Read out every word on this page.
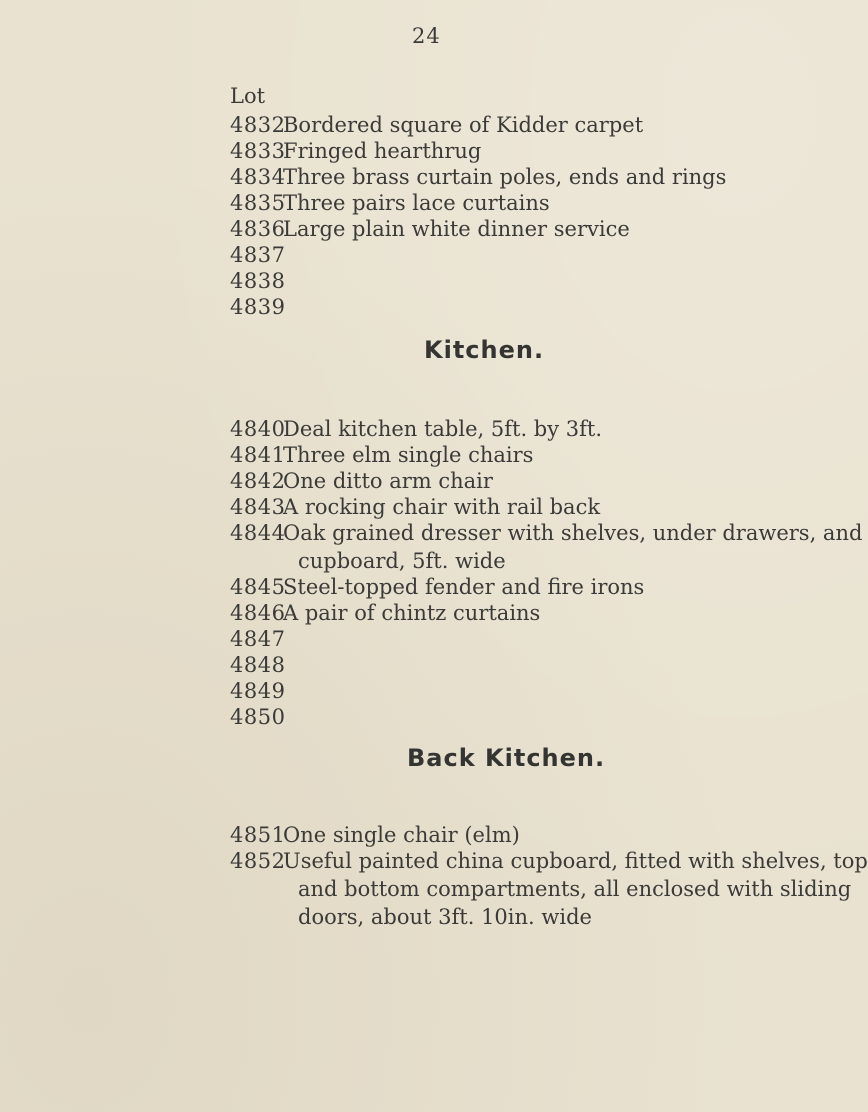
24
Lot
4832
Bordered square of Kidder carpet
4833
Fringed hearthrug
4834
Three brass curtain poles, ends and rings
4835
Three pairs lace curtains
4836
Large plain white dinner service
4837
4838
4839
Kitchen.
4840
Deal kitchen table, 5ft. by 3ft.
4841
Three elm single chairs
4842
One ditto arm chair
4843
A rocking chair with rail back
4844
Oak grained dresser with shelves, under drawers, and
cupboard, 5ft. wide
4845
Steel-topped fender and fire irons
4846
A pair of chintz curtains
4847
4848
4849
4850
Back Kitchen.
4851
One single chair (elm)
4852
Useful painted china cupboard, fitted with shelves, top
and bottom compartments, all enclosed with sliding
doors, about 3ft. 10in. wide
